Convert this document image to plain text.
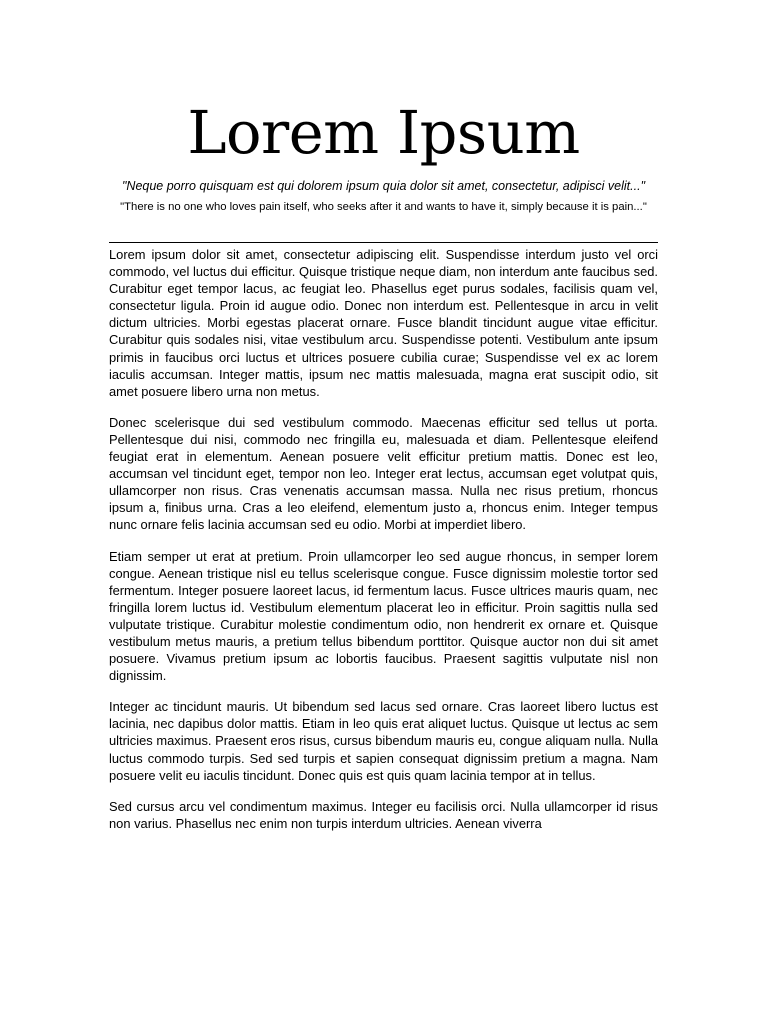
Lorem Ipsum
"Neque porro quisquam est qui dolorem ipsum quia dolor sit amet, consectetur, adipisci velit..."
"There is no one who loves pain itself, who seeks after it and wants to have it, simply because it is pain..."

Lorem ipsum dolor sit amet, consectetur adipiscing elit. Suspendisse interdum justo vel orci commodo, vel luctus dui efficitur. Quisque tristique neque diam, non interdum ante faucibus sed. Curabitur eget tempor lacus, ac feugiat leo. Phasellus eget purus sodales, facilisis quam vel, consectetur ligula. Proin id augue odio. Donec non interdum est. Pellentesque in arcu in velit dictum ultricies. Morbi egestas placerat ornare. Fusce blandit tincidunt augue vitae efficitur. Curabitur quis sodales nisi, vitae vestibulum arcu. Suspendisse potenti. Vestibulum ante ipsum primis in faucibus orci luctus et ultrices posuere cubilia curae; Suspendisse vel ex ac lorem iaculis accumsan. Integer mattis, ipsum nec mattis malesuada, magna erat suscipit odio, sit amet posuere libero urna non metus.

Donec scelerisque dui sed vestibulum commodo. Maecenas efficitur sed tellus ut porta. Pellentesque dui nisi, commodo nec fringilla eu, malesuada et diam. Pellentesque eleifend feugiat erat in elementum. Aenean posuere velit efficitur pretium mattis. Donec est leo, accumsan vel tincidunt eget, tempor non leo. Integer erat lectus, accumsan eget volutpat quis, ullamcorper non risus. Cras venenatis accumsan massa. Nulla nec risus pretium, rhoncus ipsum a, finibus urna. Cras a leo eleifend, elementum justo a, rhoncus enim. Integer tempus nunc ornare felis lacinia accumsan sed eu odio. Morbi at imperdiet libero.

Etiam semper ut erat at pretium. Proin ullamcorper leo sed augue rhoncus, in semper lorem congue. Aenean tristique nisl eu tellus scelerisque congue. Fusce dignissim molestie tortor sed fermentum. Integer posuere laoreet lacus, id fermentum lacus. Fusce ultrices mauris quam, nec fringilla lorem luctus id. Vestibulum elementum placerat leo in efficitur. Proin sagittis nulla sed vulputate tristique. Curabitur molestie condimentum odio, non hendrerit ex ornare et. Quisque vestibulum metus mauris, a pretium tellus bibendum porttitor. Quisque auctor non dui sit amet posuere. Vivamus pretium ipsum ac lobortis faucibus. Praesent sagittis vulputate nisl non dignissim.

Integer ac tincidunt mauris. Ut bibendum sed lacus sed ornare. Cras laoreet libero luctus est lacinia, nec dapibus dolor mattis. Etiam in leo quis erat aliquet luctus. Quisque ut lectus ac sem ultricies maximus. Praesent eros risus, cursus bibendum mauris eu, congue aliquam nulla. Nulla luctus commodo turpis. Sed sed turpis et sapien consequat dignissim pretium a magna. Nam posuere velit eu iaculis tincidunt. Donec quis est quis quam lacinia tempor at in tellus.

Sed cursus arcu vel condimentum maximus. Integer eu facilisis orci. Nulla ullamcorper id risus non varius. Phasellus nec enim non turpis interdum ultricies. Aenean viverra
